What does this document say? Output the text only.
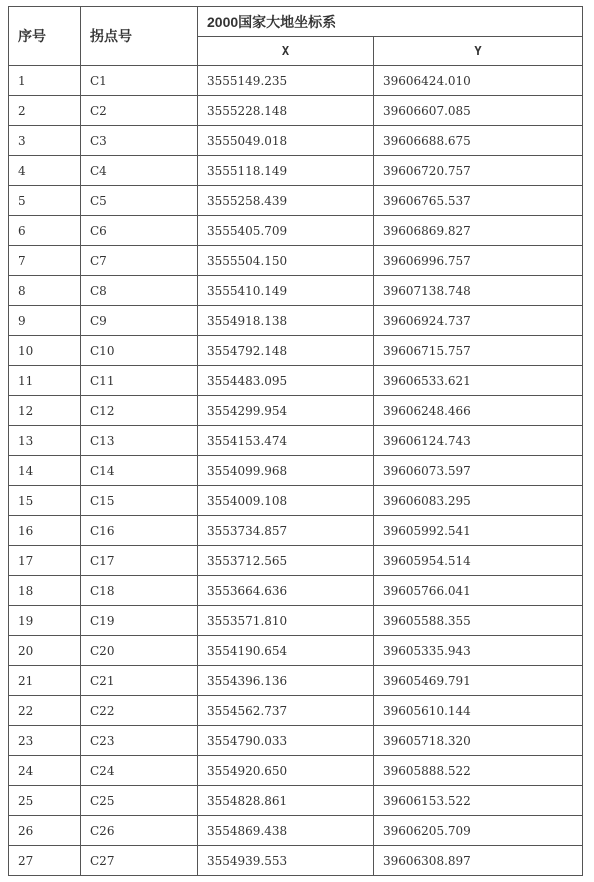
序号	拐点号	2000国家大地坐标系	
		X	Y
1	C1	3555149.235	39606424.010
2	C2	3555228.148	39606607.085
3	C3	3555049.018	39606688.675
4	C4	3555118.149	39606720.757
5	C5	3555258.439	39606765.537
6	C6	3555405.709	39606869.827
7	C7	3555504.150	39606996.757
8	C8	3555410.149	39607138.748
9	C9	3554918.138	39606924.737
10	C10	3554792.148	39606715.757
11	C11	3554483.095	39606533.621
12	C12	3554299.954	39606248.466
13	C13	3554153.474	39606124.743
14	C14	3554099.968	39606073.597
15	C15	3554009.108	39606083.295
16	C16	3553734.857	39605992.541
17	C17	3553712.565	39605954.514
18	C18	3553664.636	39605766.041
19	C19	3553571.810	39605588.355
20	C20	3554190.654	39605335.943
21	C21	3554396.136	39605469.791
22	C22	3554562.737	39605610.144
23	C23	3554790.033	39605718.320
24	C24	3554920.650	39605888.522
25	C25	3554828.861	39606153.522
26	C26	3554869.438	39606205.709
27	C27	3554939.553	39606308.897
